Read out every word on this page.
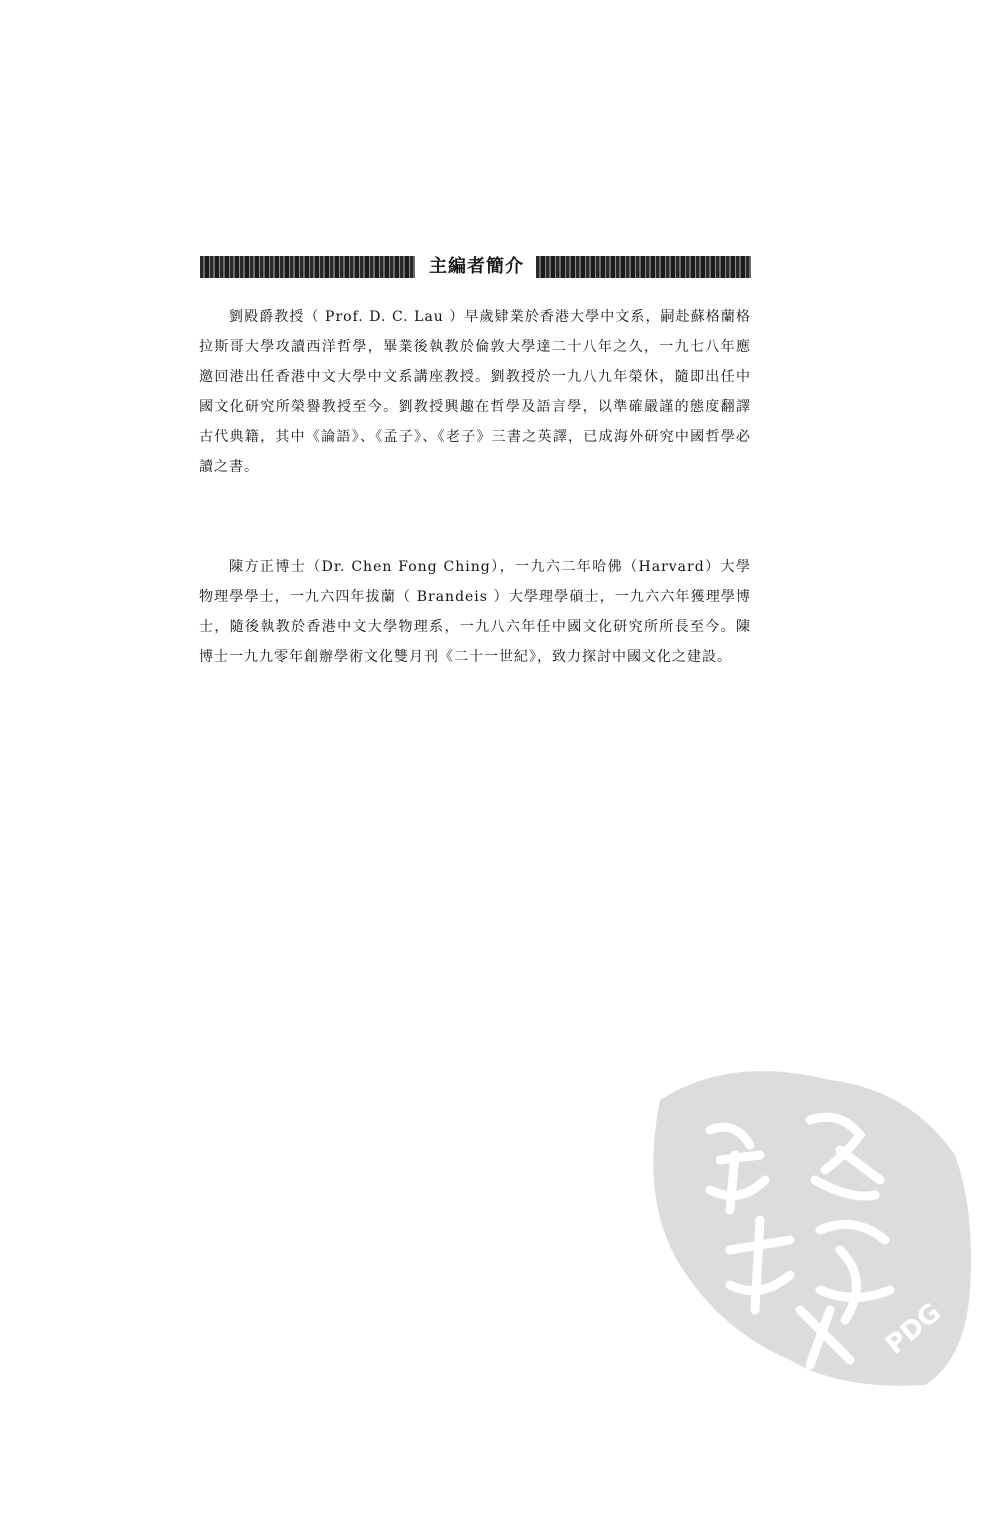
主編者簡介

劉殿爵教授（ Prof. D. C. Lau ）早歲肄業於香港大學中文系，嗣赴蘇格蘭格拉斯哥大學攻讀西洋哲學，畢業後執教於倫敦大學達二十八年之久，一九七八年應邀回港出任香港中文大學中文系講座教授。劉教授於一九八九年榮休，隨即出任中國文化研究所榮譽教授至今。劉教授興趣在哲學及語言學，以準確嚴謹的態度翻譯古代典籍，其中《論語》、《孟子》、《老子》三書之英譯，已成海外研究中國哲學必讀之書。

陳方正博士（Dr. Chen Fong Ching），一九六二年哈佛（Harvard）大學物理學學士，一九六四年拔蘭（ Brandeis ）大學理學碩士，一九六六年獲理學博士，隨後執教於香港中文大學物理系，一九八六年任中國文化研究所所長至今。陳博士一九九零年創辦學術文化雙月刊《二十一世紀》，致力探討中國文化之建設。

PDG
